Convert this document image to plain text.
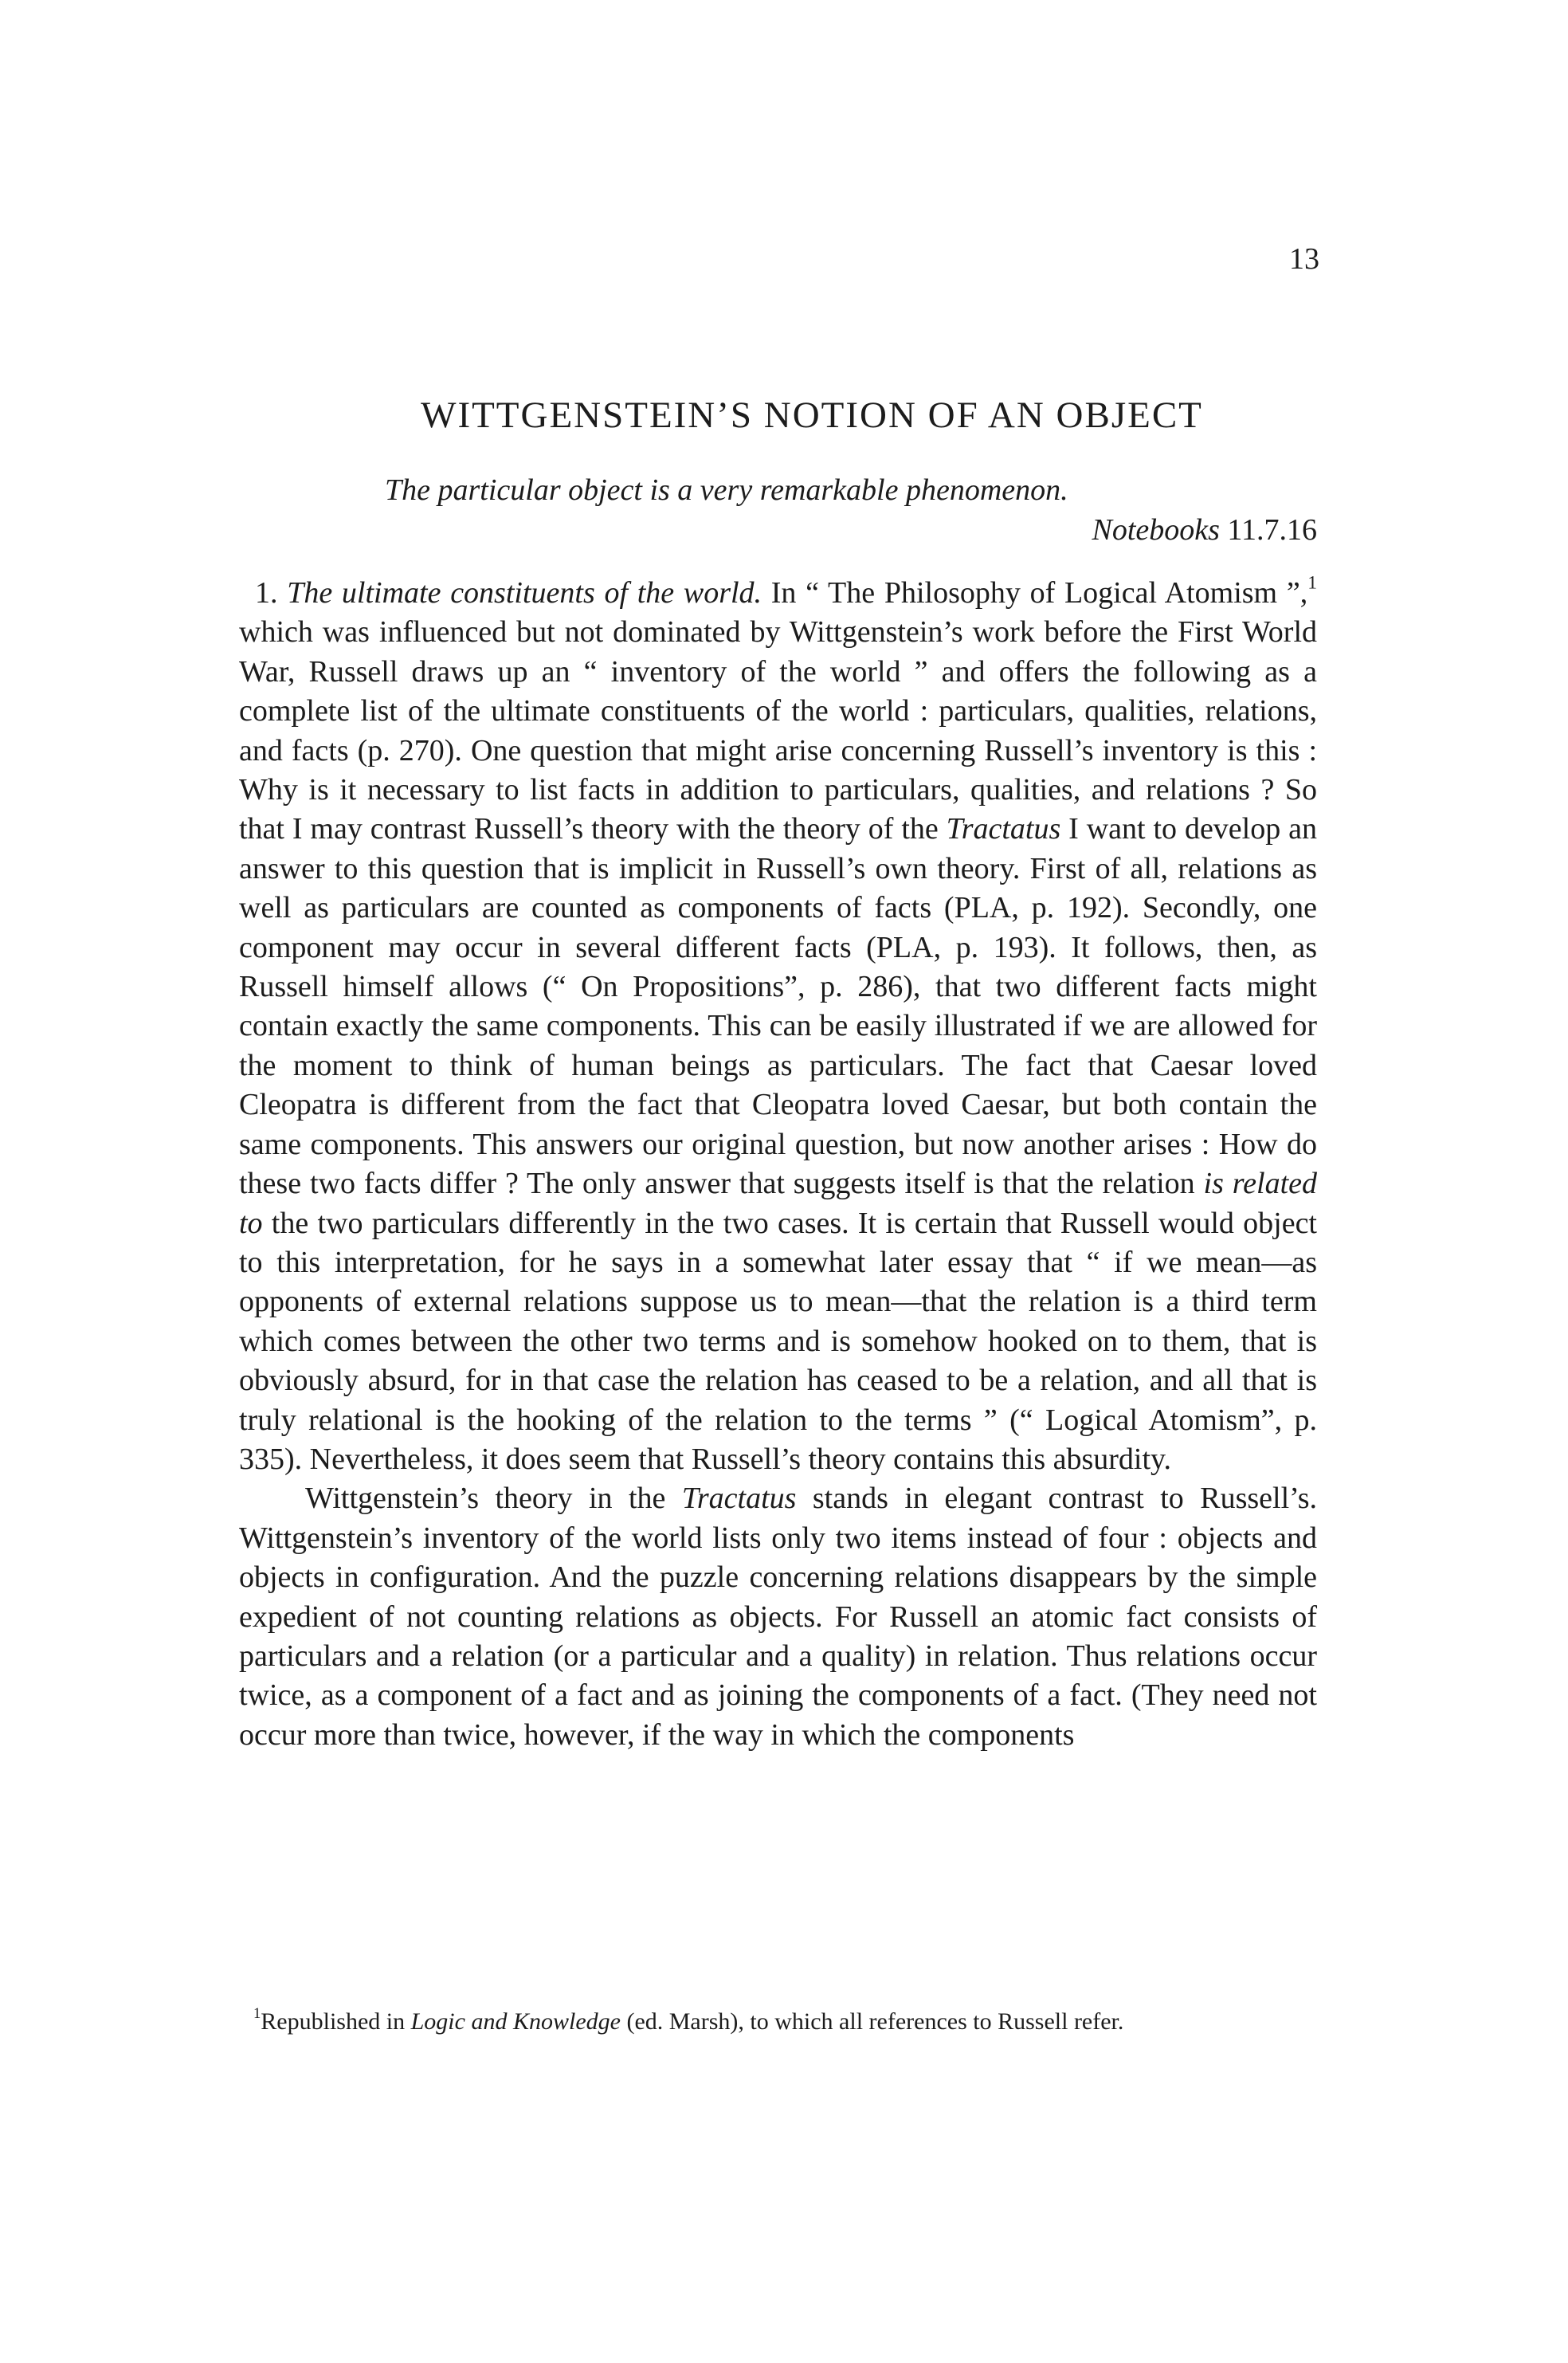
13
WITTGENSTEIN’S NOTION OF AN OBJECT
The particular object is a very remarkable phenomenon.
Notebooks 11.7.16

1. The ultimate constituents of the world. In “ The Philosophy of Logical Atomism ”,$^1$ which was influenced but not dominated by Wittgenstein’s work before the First World War, Russell draws up an “ inventory of the world ” and offers the following as a complete list of the ultimate constituents of the world : particulars, qualities, relations, and facts (p. 270). One question that might arise concerning Russell’s inventory is this : Why is it necessary to list facts in addition to particulars, qualities, and relations ? So that I may contrast Russell’s theory with the theory of the Tractatus I want to develop an answer to this question that is implicit in Russell’s own theory. First of all, relations as well as particulars are counted as components of facts (PLA, p. 192). Secondly, one component may occur in several different facts (PLA, p. 193). It follows, then, as Russell himself allows (“ On Propositions”, p. 286), that two different facts might contain exactly the same components. This can be easily illustrated if we are allowed for the moment to think of human beings as particulars. The fact that Caesar loved Cleopatra is different from the fact that Cleopatra loved Caesar, but both contain the same components. This answers our original question, but now another arises : How do these two facts differ ? The only answer that suggests itself is that the relation is related to the two particulars differently in the two cases. It is certain that Russell would object to this interpretation, for he says in a somewhat later essay that “ if we mean—as opponents of external relations suppose us to mean—that the relation is a third term which comes between the other two terms and is somehow hooked on to them, that is obviously absurd, for in that case the relation has ceased to be a relation, and all that is truly relational is the hooking of the relation to the terms ” (“ Logical Atomism”, p. 335). Nevertheless, it does seem that Russell’s theory contains this absurdity.

Wittgenstein’s theory in the Tractatus stands in elegant contrast to Russell’s. Wittgenstein’s inventory of the world lists only two items instead of four : objects and objects in configuration. And the puzzle concerning relations disappears by the simple expedient of not counting relations as objects. For Russell an atomic fact consists of particulars and a relation (or a particular and a quality) in relation. Thus relations occur twice, as a component of a fact and as joining the components of a fact. (They need not occur more than twice, however, if the way in which the components

$^1$Republished in Logic and Knowledge (ed. Marsh), to which all references to Russell refer.
